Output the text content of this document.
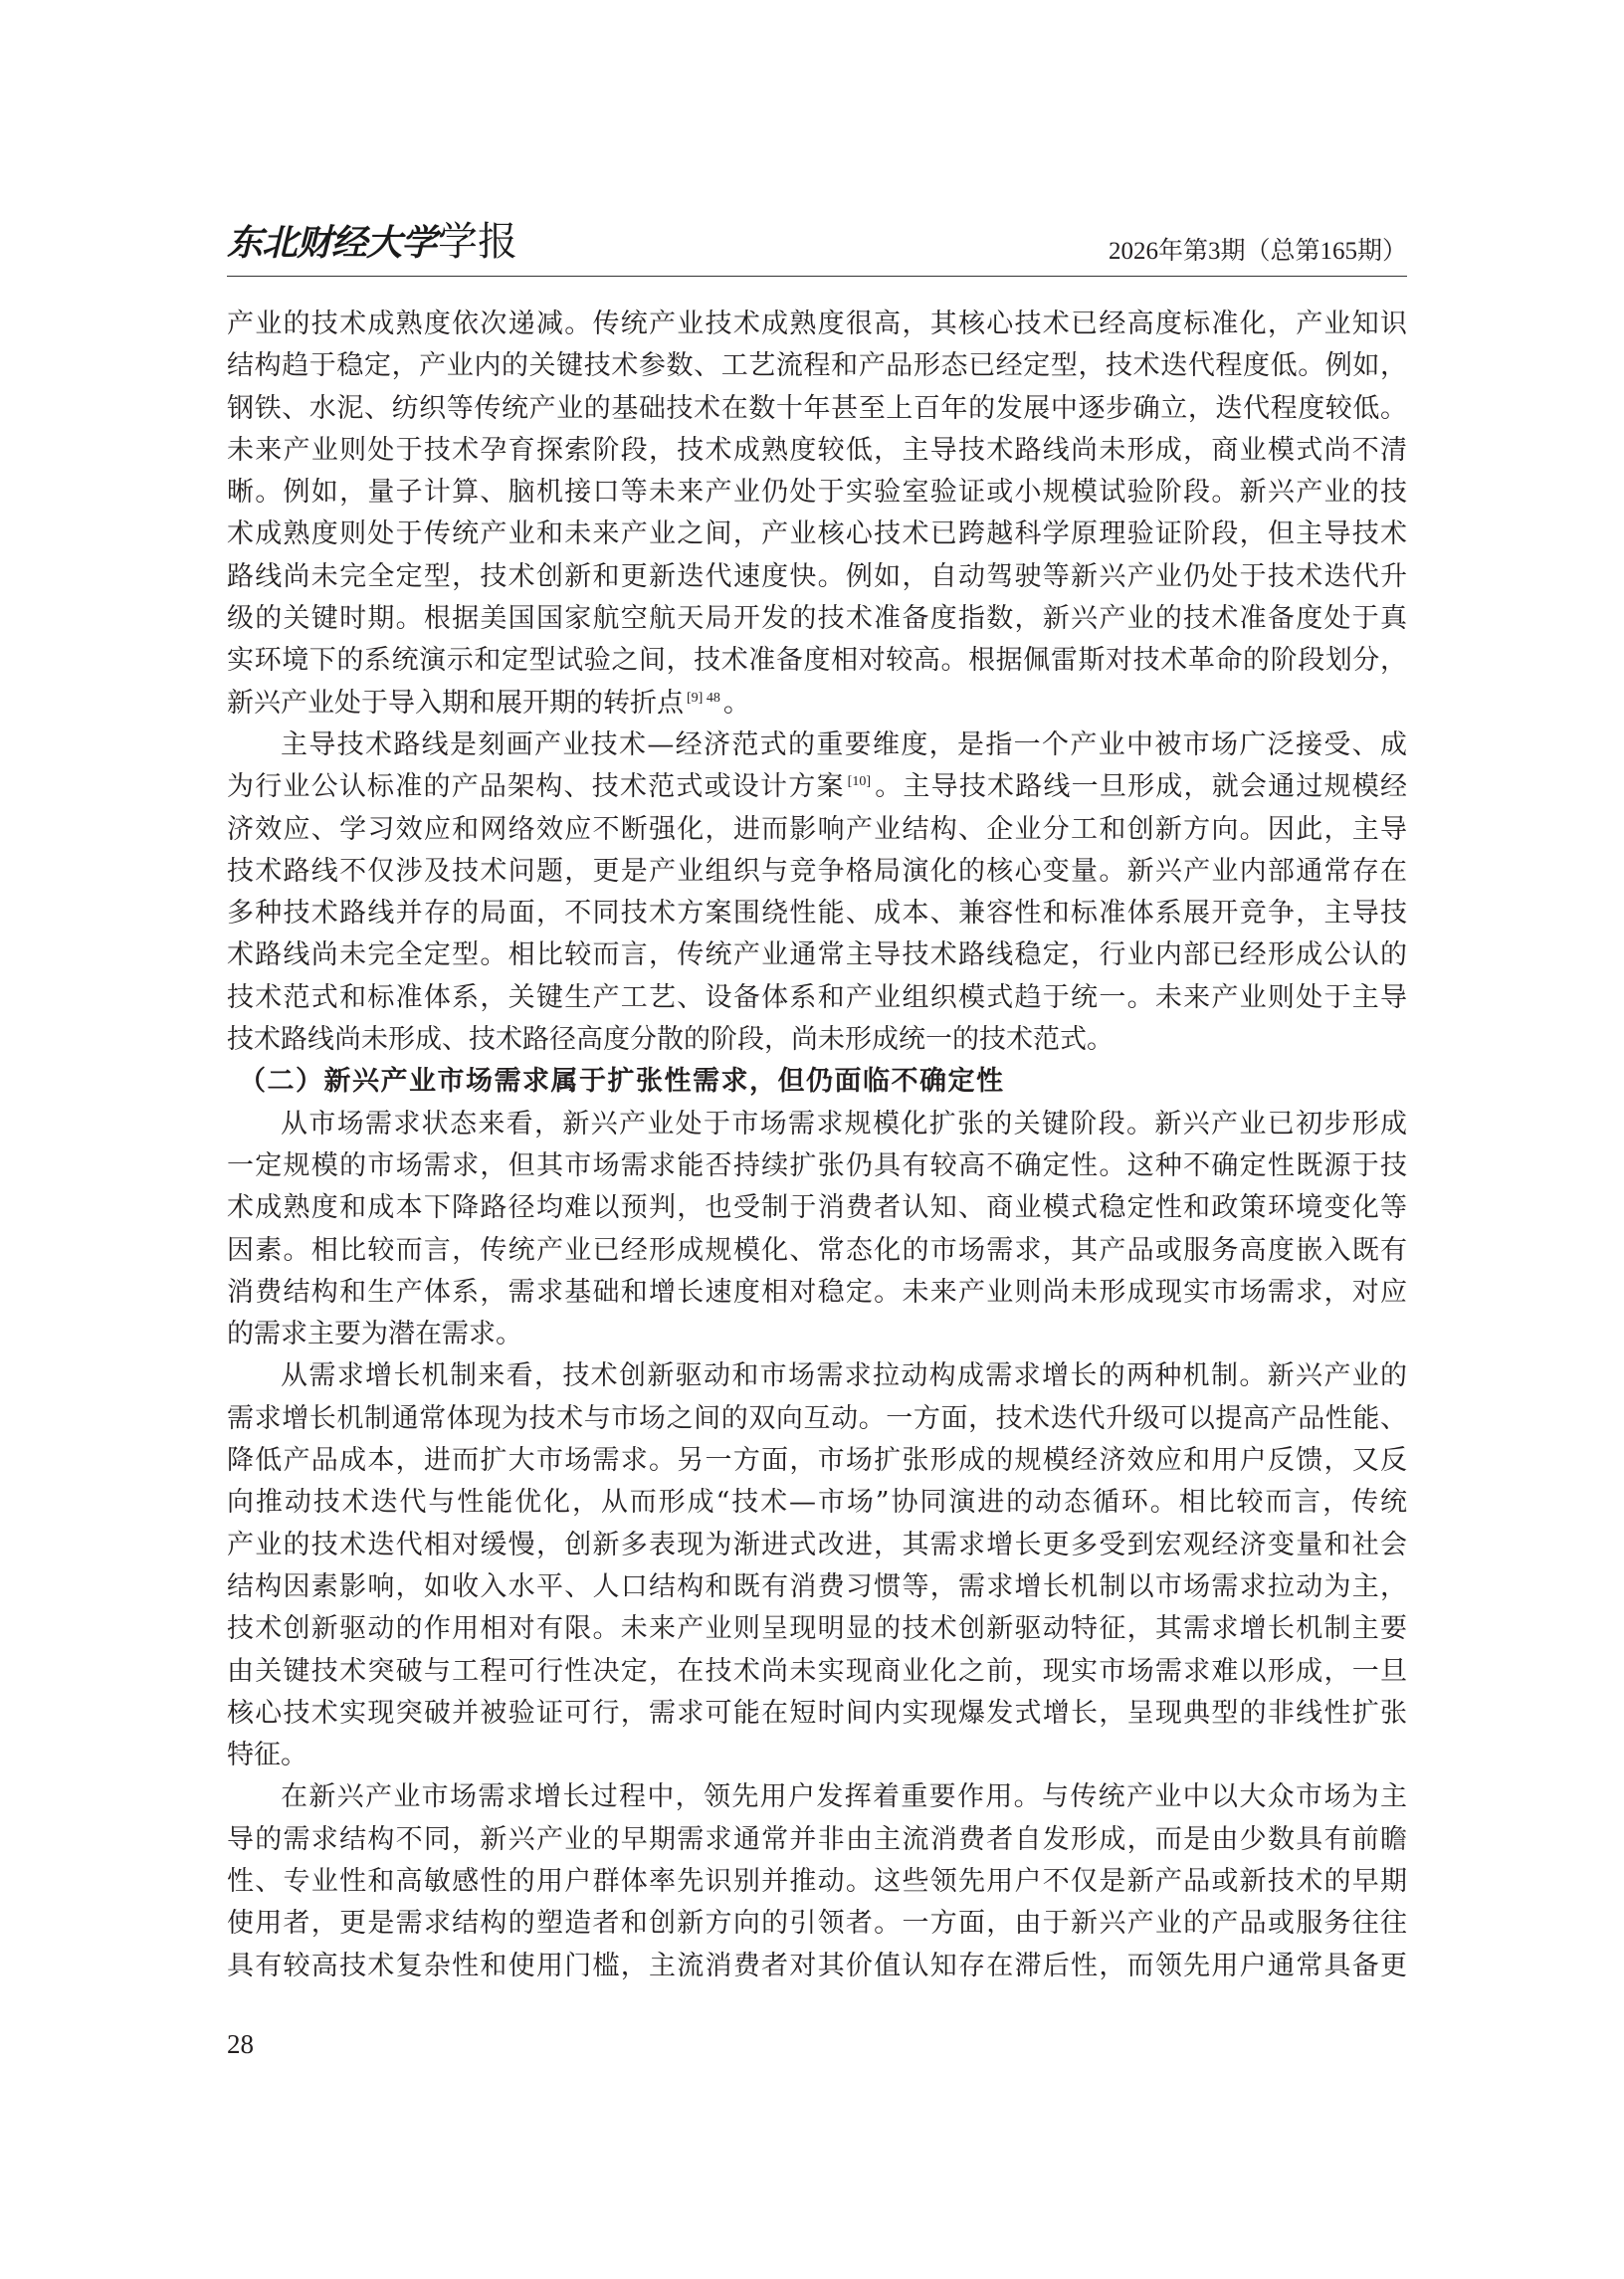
东北财经大学学报	2026年第3期（总第165期）
产业的技术成熟度依次递减。传统产业技术成熟度很高，其核心技术已经高度标准化，产业知识
结构趋于稳定，产业内的关键技术参数、工艺流程和产品形态已经定型，技术迭代程度低。例如，
钢铁、水泥、纺织等传统产业的基础技术在数十年甚至上百年的发展中逐步确立，迭代程度较低。
未来产业则处于技术孕育探索阶段，技术成熟度较低，主导技术路线尚未形成，商业模式尚不清
晰。例如，量子计算、脑机接口等未来产业仍处于实验室验证或小规模试验阶段。新兴产业的技
术成熟度则处于传统产业和未来产业之间，产业核心技术已跨越科学原理验证阶段，但主导技术
路线尚未完全定型，技术创新和更新迭代速度快。例如，自动驾驶等新兴产业仍处于技术迭代升
级的关键时期。根据美国国家航空航天局开发的技术准备度指数，新兴产业的技术准备度处于真
实环境下的系统演示和定型试验之间，技术准备度相对较高。根据佩雷斯对技术革命的阶段划分，
新兴产业处于导入期和展开期的转折点 $^{[9] 48}$ 。
主导技术路线是刻画产业技术—经济范式的重要维度，是指一个产业中被市场广泛接受、成
为行业公认标准的产品架构、技术范式或设计方案 [10] 。主导技术路线一旦形成，就会通过规模经
济效应、学习效应和网络效应不断强化，进而影响产业结构、企业分工和创新方向。因此，主导
技术路线不仅涉及技术问题，更是产业组织与竞争格局演化的核心变量。新兴产业内部通常存在
多种技术路线并存的局面，不同技术方案围绕性能、成本、兼容性和标准体系展开竞争，主导技
术路线尚未完全定型。相比较而言，传统产业通常主导技术路线稳定，行业内部已经形成公认的
技术范式和标准体系，关键生产工艺、设备体系和产业组织模式趋于统一。未来产业则处于主导
技术路线尚未形成、技术路径高度分散的阶段，尚未形成统一的技术范式。
（二）新兴产业市场需求属于扩张性需求，但仍面临不确定性
从市场需求状态来看，新兴产业处于市场需求规模化扩张的关键阶段。新兴产业已初步形成
一定规模的市场需求，但其市场需求能否持续扩张仍具有较高不确定性。这种不确定性既源于技
术成熟度和成本下降路径均难以预判，也受制于消费者认知、商业模式稳定性和政策环境变化等
因素。相比较而言，传统产业已经形成规模化、常态化的市场需求，其产品或服务高度嵌入既有
消费结构和生产体系，需求基础和增长速度相对稳定。未来产业则尚未形成现实市场需求，对应
的需求主要为潜在需求。
从需求增长机制来看，技术创新驱动和市场需求拉动构成需求增长的两种机制。新兴产业的
需求增长机制通常体现为技术与市场之间的双向互动。一方面，技术迭代升级可以提高产品性能、
降低产品成本，进而扩大市场需求。另一方面，市场扩张形成的规模经济效应和用户反馈，又反
向推动技术迭代与性能优化，从而形成“技术—市场”协同演进的动态循环。相比较而言，传统
产业的技术迭代相对缓慢，创新多表现为渐进式改进，其需求增长更多受到宏观经济变量和社会
结构因素影响，如收入水平、人口结构和既有消费习惯等，需求增长机制以市场需求拉动为主，
技术创新驱动的作用相对有限。未来产业则呈现明显的技术创新驱动特征，其需求增长机制主要
由关键技术突破与工程可行性决定，在技术尚未实现商业化之前，现实市场需求难以形成，一旦
核心技术实现突破并被验证可行，需求可能在短时间内实现爆发式增长，呈现典型的非线性扩张
特征。
在新兴产业市场需求增长过程中，领先用户发挥着重要作用。与传统产业中以大众市场为主
导的需求结构不同，新兴产业的早期需求通常并非由主流消费者自发形成，而是由少数具有前瞻
性、专业性和高敏感性的用户群体率先识别并推动。这些领先用户不仅是新产品或新技术的早期
使用者，更是需求结构的塑造者和创新方向的引领者。一方面，由于新兴产业的产品或服务往往
具有较高技术复杂性和使用门槛，主流消费者对其价值认知存在滞后性，而领先用户通常具备更
28
